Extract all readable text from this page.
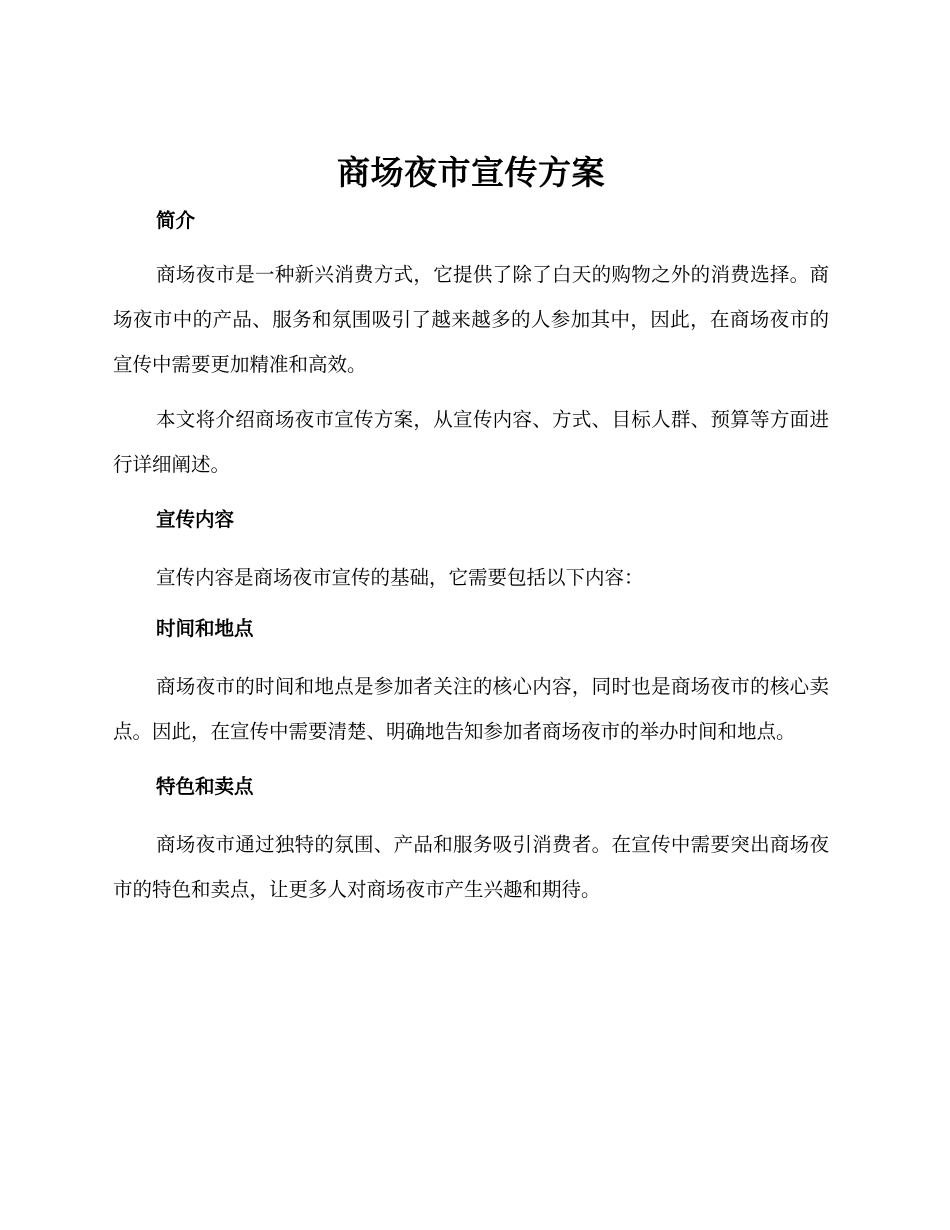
商场夜市宣传方案
简介

商场夜市是一种新兴消费方式，它提供了除了白天的购物之外的消费选择。商场夜市中的产品、服务和氛围吸引了越来越多的人参加其中，因此，在商场夜市的宣传中需要更加精准和高效。

本文将介绍商场夜市宣传方案，从宣传内容、方式、目标人群、预算等方面进行详细阐述。

宣传内容

宣传内容是商场夜市宣传的基础，它需要包括以下内容：

时间和地点

商场夜市的时间和地点是参加者关注的核心内容，同时也是商场夜市的核心卖点。因此，在宣传中需要清楚、明确地告知参加者商场夜市的举办时间和地点。

特色和卖点

商场夜市通过独特的氛围、产品和服务吸引消费者。在宣传中需要突出商场夜市的特色和卖点，让更多人对商场夜市产生兴趣和期待。
